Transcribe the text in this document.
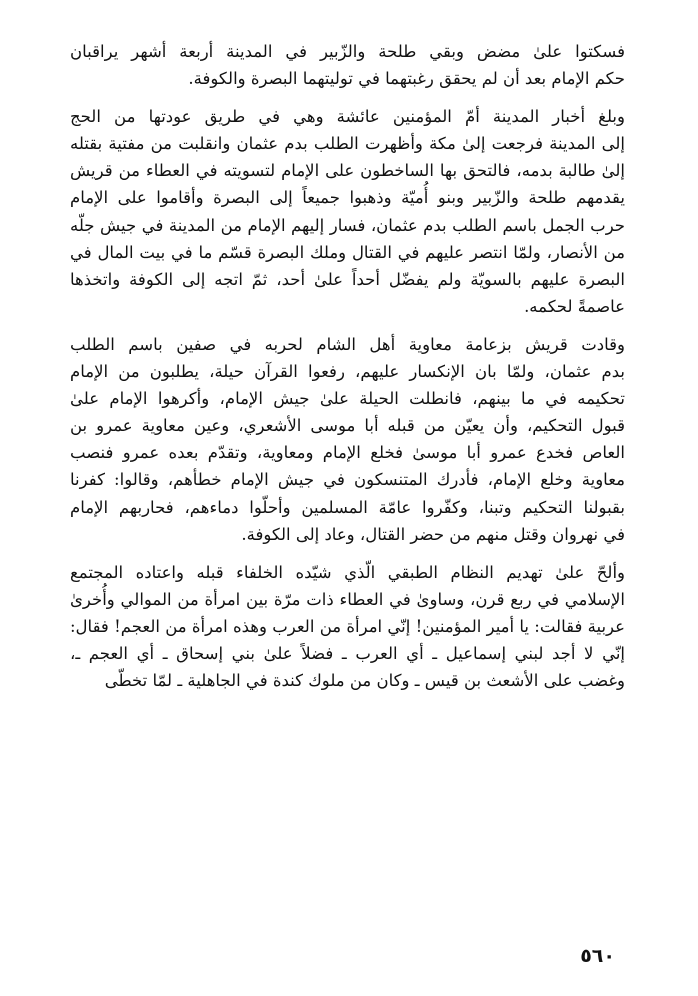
فسكتوا علىٰ مضض وبقي طلحة والزّبير في المدينة أربعة أشهر يراقبان
حكم الإمام بعد أن لم يحقق رغبتهما في توليتهما البصرة والكوفة.
وبلغ أخبار المدينة أمّ المؤمنين عائشة وهي في طريق عودتها من الحج
إلى المدينة فرجعت إلىٰ مكة وأظهرت الطلب بدم عثمان وانقلبت من مفتية بقتله
إلىٰ طالبة بدمه، فالتحق بها الساخطون على الإمام لتسويته في العطاء من قريش
يقدمهم طلحة والزّبير وبنو أُميّة وذهبوا جميعاً إلى البصرة وأقاموا على الإمام
حرب الجمل باسم الطلب بدم عثمان، فسار إليهم الإمام من المدينة في جيش جلّه
من الأنصار، ولمّا انتصر عليهم في القتال وملك البصرة قسّم ما في بيت المال في
البصرة عليهم بالسويّة ولم يفضّل أحداً علىٰ أحد، ثمّ اتجه إلى الكوفة واتخذها
عاصمةً لحكمه.
وقادت قريش بزعامة معاوية أهل الشام لحربه في صفين باسم الطلب
بدم عثمان، ولمّا بان الإنكسار عليهم، رفعوا القرآن حيلة، يطلبون من الإمام
تحكيمه في ما بينهم، فانطلت الحيلة علىٰ جيش الإمام، وأكرهوا الإمام علىٰ
قبول التحكيم، وأن يعيّن من قبله أبا موسى الأشعري، وعين معاوية عمرو بن
العاص فخدع عمرو أبا موسىٰ فخلع الإمام ومعاوية، وتقدّم بعده عمرو فنصب
معاوية وخلع الإمام، فأدرك المتنسكون في جيش الإمام خطأهم، وقالوا: كفرنا
بقبولنا التحكيم وتبنا، وكفّروا عامّة المسلمين وأحلّوا دماءهم، فحاربهم الإمام
في نهروان وقتل منهم من حضر القتال، وعاد إلى الكوفة.
وألحّ علىٰ تهديم النظام الطبقي الّذي شيّده الخلفاء قبله واعتاده المجتمع
الإسلامي في ربع قرن، وساوىٰ في العطاء ذات مرّة بين امرأة من الموالي وأُخرىٰ
عربية فقالت: يا أمير المؤمنين! إنّي امرأة من العرب وهذه امرأة من العجم! فقال:
إنّي لا أجد لبني إسماعيل ـ أي العرب ـ فضلاً علىٰ بني إسحاق ـ أي العجم ـ،
وغضب على الأشعث بن قيس ـ وكان من ملوك كندة في الجاهلية ـ لمّا تخطّى
٥٦٠
